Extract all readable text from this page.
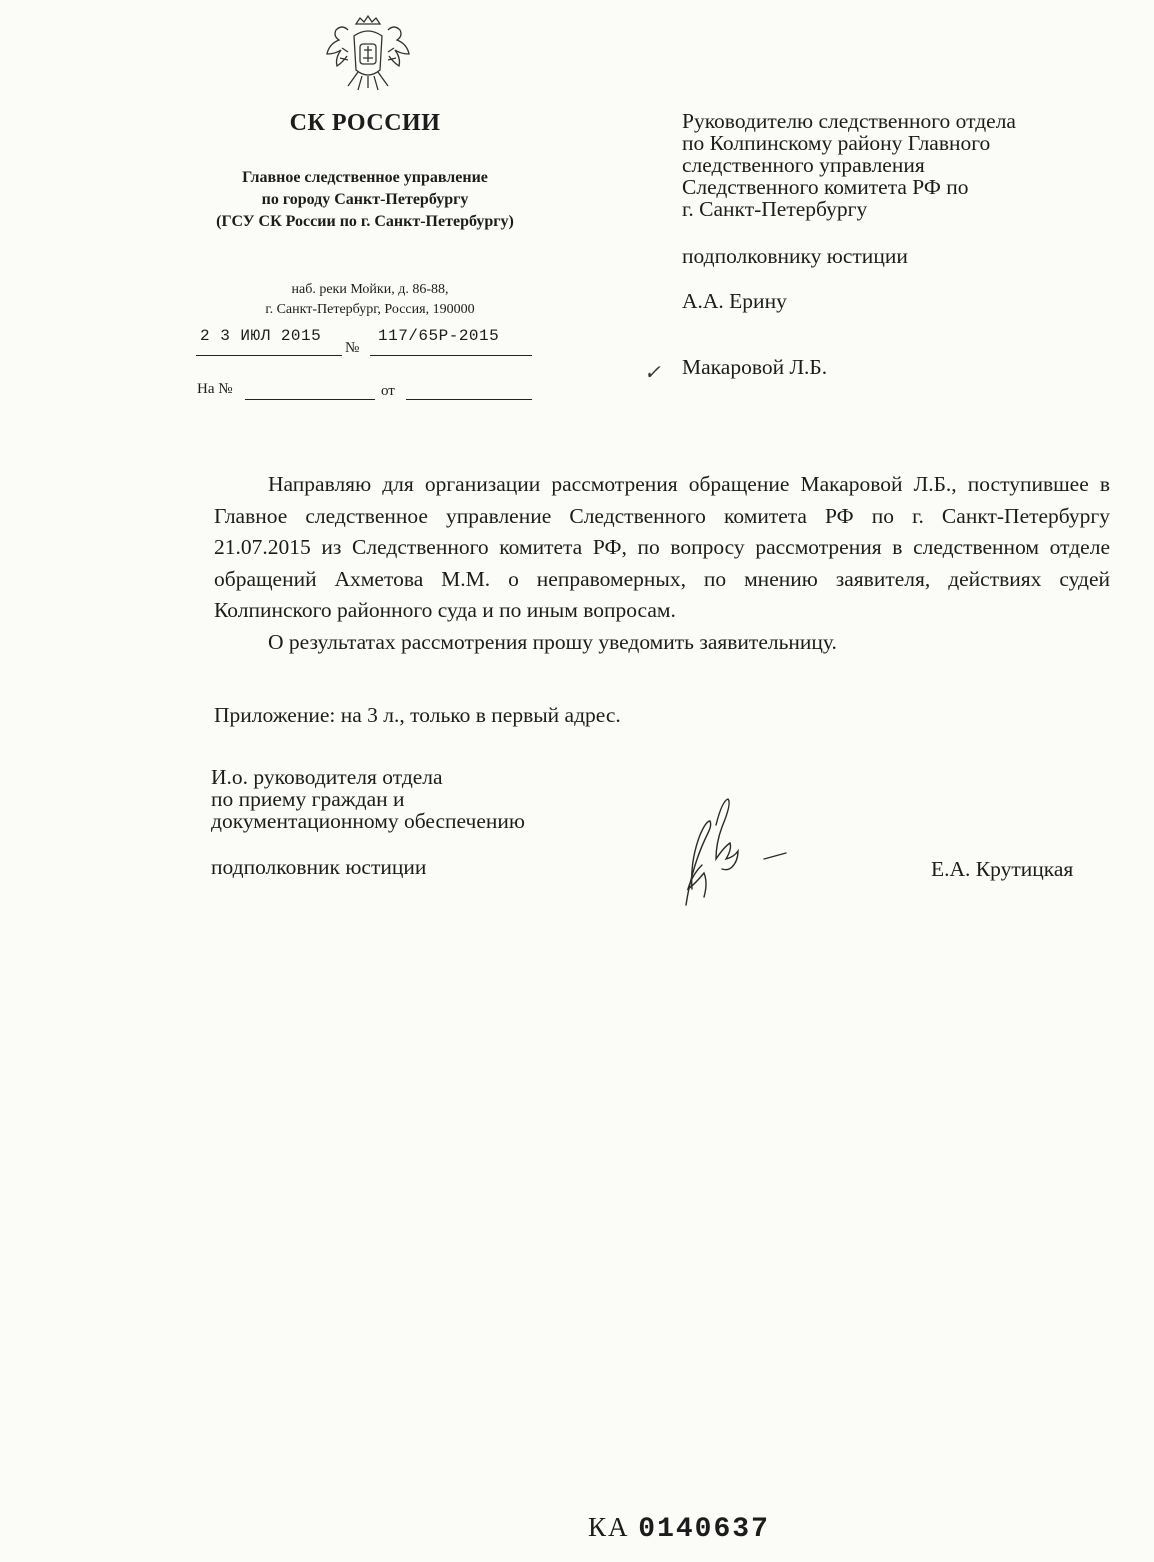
СК РОССИИ
Главное следственное управление
по городу Санкт-Петербургу
(ГСУ СК России по г. Санкт-Петербургу)
наб. реки Мойки, д. 86-88,
г. Санкт-Петербург, Россия, 190000
2 3 ИЮЛ 2015
№
117/65Р-2015
На №	от
Руководителю следственного отдела
по Колпинскому району Главного
следственного управления
Следственного комитета РФ по
г. Санкт-Петербургу
подполковнику юстиции
А.А. Ерину
✓ Макаровой Л.Б.

Направляю для организации рассмотрения обращение Макаровой Л.Б., поступившее в Главное следственное управление Следственного комитета РФ по г. Санкт-Петербургу 21.07.2015 из Следственного комитета РФ, по вопросу рассмотрения в следственном отделе обращений Ахметова М.М. о неправомерных, по мнению заявителя, действиях судей Колпинского районного суда и по иным вопросам.

О результатах рассмотрения прошу уведомить заявительницу.

Приложение: на 3 л., только в первый адрес.
И.о. руководителя отдела
по приему граждан и
документационному обеспечению
подполковник юстиции	Е.А. Крутицкая
КА 0140637
